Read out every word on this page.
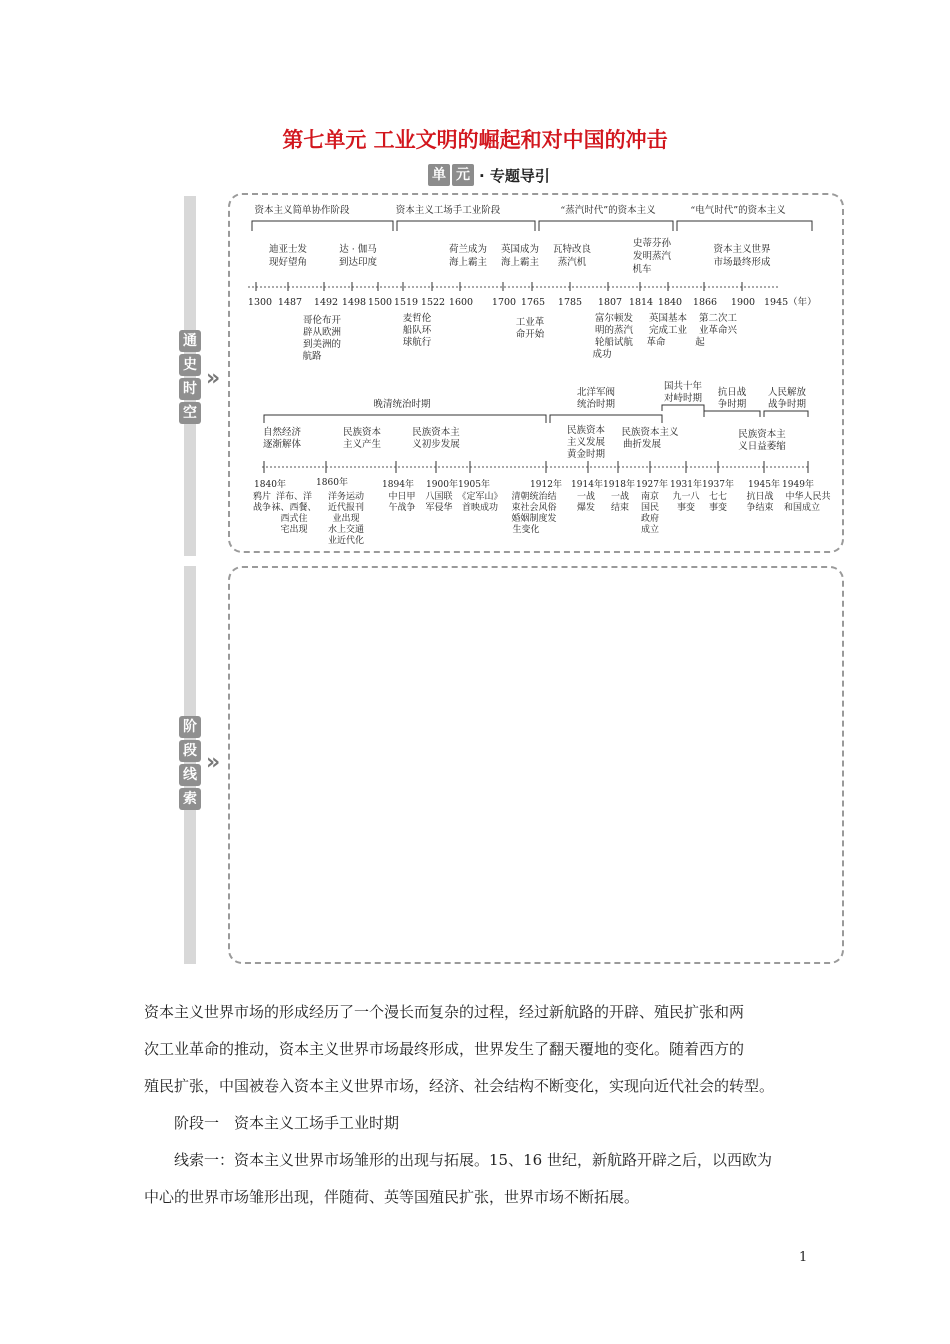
第七单元 工业文明的崛起和对中国的冲击
单 元 · 专题导引
通
史
时
空
»
阶
段
线
索
»
资本主义简单协作阶段	资本主义工场手工业阶段	“蒸汽时代”的资本主义	“电气时代”的资本主义
迪亚士发
现好望角
达 · 伽马
到达印度
荷兰成为
海上霸主
英国成为
海上霸主
瓦特改良
蒸汽机
史蒂芬孙
发明蒸汽
机车
资本主义世界
市场最终形成
1300 1487 1492 1498 1500 1519 1522 1600 1700 1765 1785 1807 1814 1840 1866 1900 1945（年）
哥伦布开
辟从欧洲
到美洲的
航路
麦哲伦
船队环
球航行
工业革
命开始
富尔顿发
明的蒸汽
轮船试航
成功
英国基本
完成工业
革命
第二次工
业革命兴
起
晚清统治时期
北洋军阀
统治时期
国共十年
对峙时期
抗日战
争时期
人民解放
战争时期
自然经济
逐渐解体
民族资本
主义产生
民族资本主
义初步发展
民族资本
主义发展
黄金时期
民族资本主义
曲折发展
民族资本主
义日益萎缩
1840年
鸦片
战争
洋布、洋
袜、西餐、
西式住
宅出现
1860年
洋务运动
近代报刊
业出现
水上交通
业近代化
1894年
中日甲
午战争
1900年
八国联
军侵华
1905年
《定军山》
首映成功
1912年
清朝统治结
束社会风俗
婚姻制度发
生变化
1914年
一战
爆发
1918年
一战
结束
1927年
南京
国民
政府
成立
1931年
九一八
事变
1937年
七七
事变
1945年
抗日战
争结束
1949年
中华人民共
和国成立
资本主义世界市场的形成经历了一个漫长而复杂的过程，经过新航路的开辟、殖民扩张和两
次工业革命的推动，资本主义世界市场最终形成，世界发生了翻天覆地的变化。随着西方的
殖民扩张，中国被卷入资本主义世界市场，经济、社会结构不断变化，实现向近代社会的转型。
阶段一　资本主义工场手工业时期
线索一：资本主义世界市场雏形的出现与拓展。15、16 世纪，新航路开辟之后，以西欧为
中心的世界市场雏形出现，伴随荷、英等国殖民扩张，世界市场不断拓展。
1
